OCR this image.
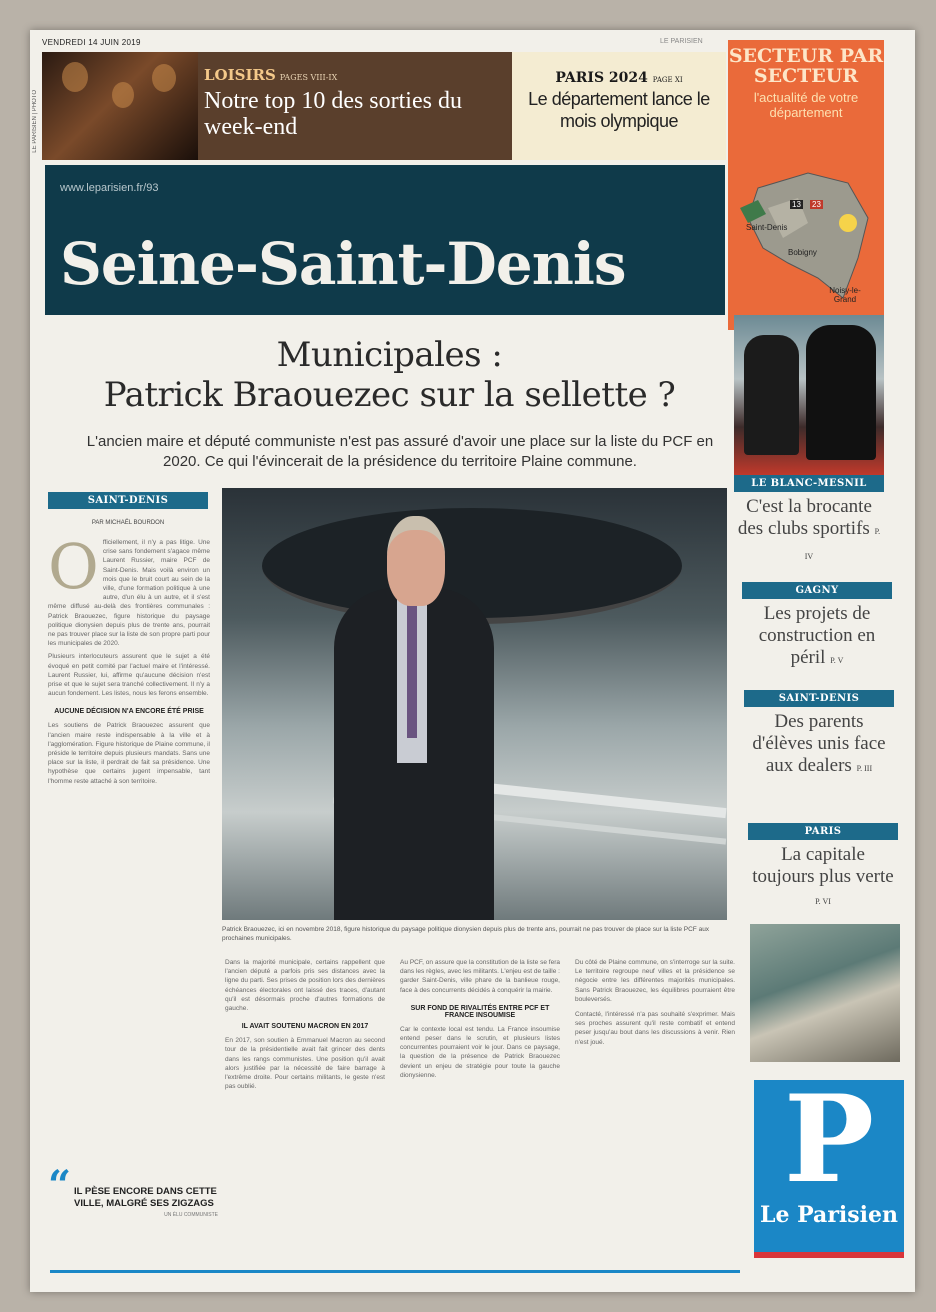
VENDREDI 14 JUIN 2019	LE PARISIEN
LE PARISIEN | PHOTO
LOISIRS PAGES VIII-IX
Notre top 10 des sorties du week-end
PARIS 2024 PAGE XI
Le département lance le mois olympique
SECTEUR PAR SECTEUR
l'actualité de votre département
13 23
Saint-Denis
Bobigny
Noisy-le-Grand
LE BLANC-MESNIL
C'est la brocante des clubs sportifs P. IV
GAGNY
Les projets de construction en péril P. V
SAINT-DENIS
Des parents d'élèves unis face aux dealers P. III
PARIS
La capitale toujours plus verte P. VI
P
Le Parisien
www.leparisien.fr/93
Seine-Saint-Denis
Municipales :
Patrick Braouezec sur la sellette ?
L'ancien maire et député communiste n'est pas assuré d'avoir une place sur la liste du PCF en 2020. Ce qui l'évincerait de la présidence du territoire Plaine commune.
SAINT-DENIS
PAR MICHAËL BOURDON
O fficiellement, il n'y a pas litige. Une crise sans fondement s'agace même Laurent Russier, maire PCF de Saint-Denis. Mais voilà environ un mois que le bruit court au sein de la ville, d'une formation politique à une autre, d'un élu à un autre, et il s'est même diffusé au-delà des frontières communales : Patrick Braouezec, figure historique du paysage politique dionysien depuis plus de trente ans, pourrait ne pas trouver place sur la liste de son propre parti pour les municipales de 2020.
Plusieurs interlocuteurs assurent que le sujet a été évoqué en petit comité par l'actuel maire et l'intéressé. Laurent Russier, lui, affirme qu'aucune décision n'est prise et que le sujet sera tranché collectivement. Il n'y a aucun fondement. Les listes, nous les ferons ensemble.
AUCUNE DÉCISION N'A ENCORE ÉTÉ PRISE
Les soutiens de Patrick Braouezec assurent que l'ancien maire reste indispensable à la ville et à l'agglomération. Figure historique de Plaine commune, il préside le territoire depuis plusieurs mandats. Sans une place sur la liste, il perdrait de fait sa présidence. Une hypothèse que certains jugent impensable, tant l'homme reste attaché à son territoire.
Patrick Braouezec, ici en novembre 2018, figure historique du paysage politique dionysien depuis plus de trente ans, pourrait ne pas trouver de place sur la liste PCF aux prochaines municipales.
Dans la majorité municipale, certains rappellent que l'ancien député a parfois pris ses distances avec la ligne du parti. Ses prises de position lors des dernières échéances électorales ont laissé des traces, d'autant qu'il est désormais proche d'autres formations de gauche.
IL AVAIT SOUTENU MACRON EN 2017
En 2017, son soutien à Emmanuel Macron au second tour de la présidentielle avait fait grincer des dents dans les rangs communistes. Une position qu'il avait alors justifiée par la nécessité de faire barrage à l'extrême droite. Pour certains militants, le geste n'est pas oublié.
Au PCF, on assure que la constitution de la liste se fera dans les règles, avec les militants. L'enjeu est de taille : garder Saint-Denis, ville phare de la banlieue rouge, face à des concurrents décidés à conquérir la mairie.
SUR FOND DE RIVALITÉS ENTRE PCF ET FRANCE INSOUMISE
Car le contexte local est tendu. La France insoumise entend peser dans le scrutin, et plusieurs listes concurrentes pourraient voir le jour. Dans ce paysage, la question de la présence de Patrick Braouezec devient un enjeu de stratégie pour toute la gauche dionysienne.
Du côté de Plaine commune, on s'interroge sur la suite. Le territoire regroupe neuf villes et la présidence se négocie entre les différentes majorités municipales. Sans Patrick Braouezec, les équilibres pourraient être bouleversés.
Contacté, l'intéressé n'a pas souhaité s'exprimer. Mais ses proches assurent qu'il reste combatif et entend peser jusqu'au bout dans les discussions à venir. Rien n'est joué.
“ IL PÈSE ENCORE DANS CETTE VILLE, MALGRÉ SES ZIGZAGS
UN ÉLU COMMUNISTE
